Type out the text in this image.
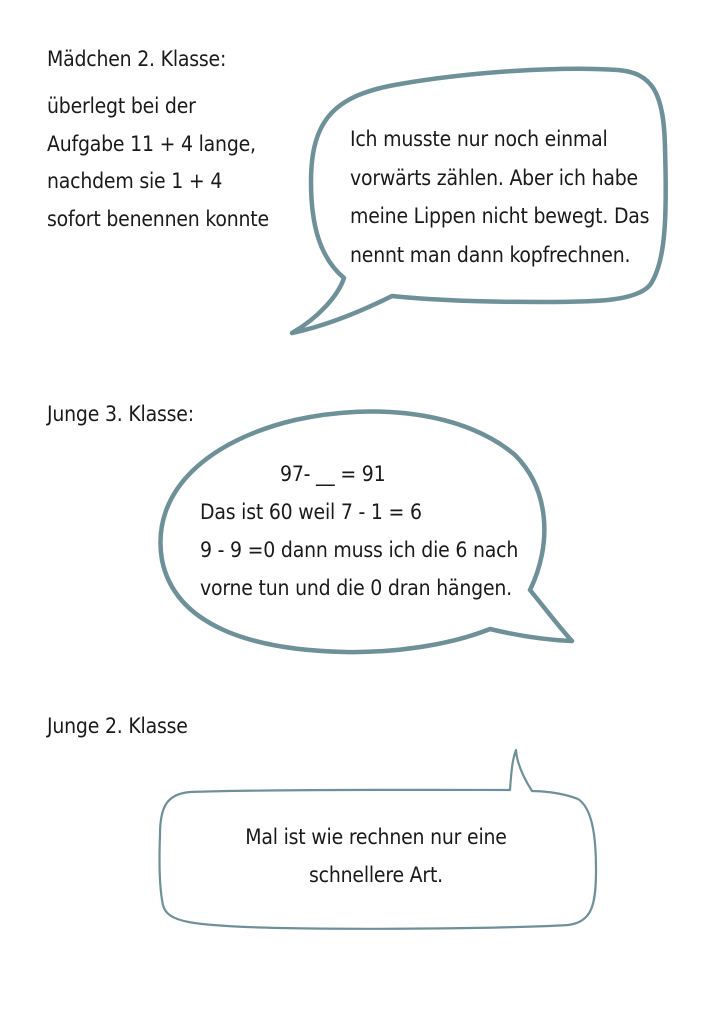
Mädchen 2. Klasse:
überlegt bei der
Aufgabe 11 + 4 lange,
nachdem sie 1 + 4
sofort benennen konnte
Ich musste nur noch einmal
vorwärts zählen. Aber ich habe
meine Lippen nicht bewegt. Das
nennt man dann kopfrechnen.
Junge 3. Klasse:
97- __ = 91
Das ist 60 weil 7 - 1 = 6
9 - 9 =0 dann muss ich die 6 nach
vorne tun und die 0 dran hängen.
Junge 2. Klasse
Mal ist wie rechnen nur eine
schnellere Art.
